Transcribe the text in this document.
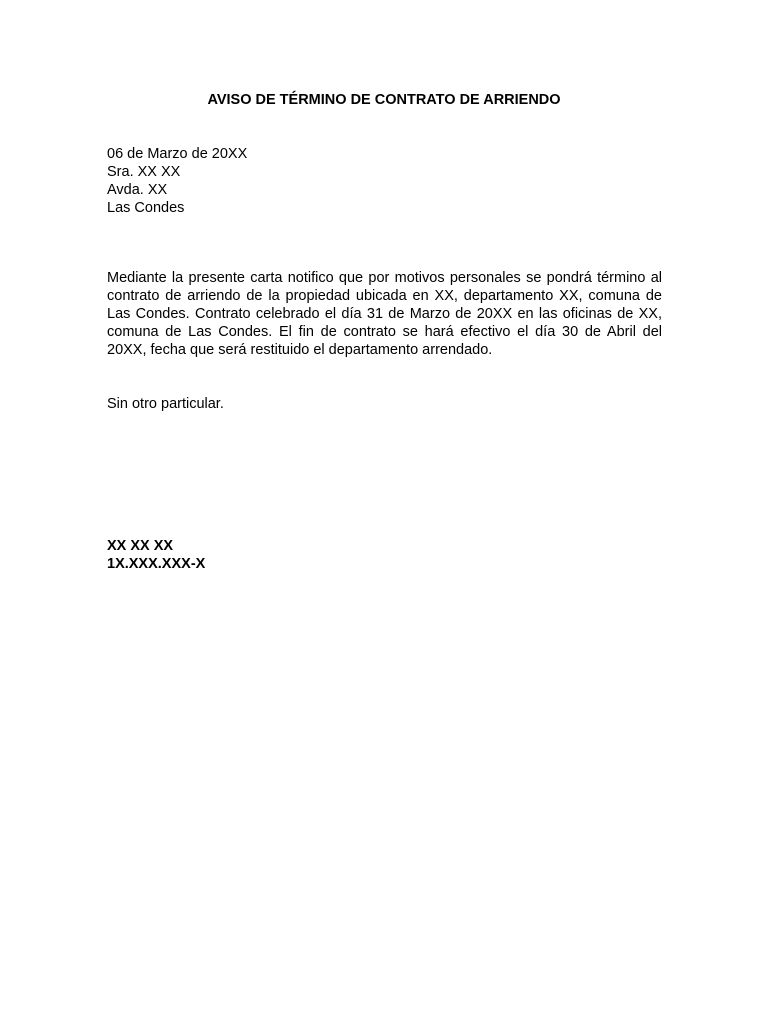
AVISO DE TÉRMINO DE CONTRATO DE ARRIENDO
06 de Marzo de 20XX
Sra. XX XX
Avda. XX
Las Condes

Mediante la presente carta notifico que por motivos personales se pondrá término al contrato de arriendo de la propiedad ubicada en XX, departamento XX, comuna de Las Condes. Contrato celebrado el día 31 de Marzo de 20XX en las oficinas de XX, comuna de Las Condes. El fin de contrato se hará efectivo el día 30 de Abril del 20XX, fecha que será restituido el departamento arrendado.

Sin otro particular.

XX XX XX
1X.XXX.XXX-X
